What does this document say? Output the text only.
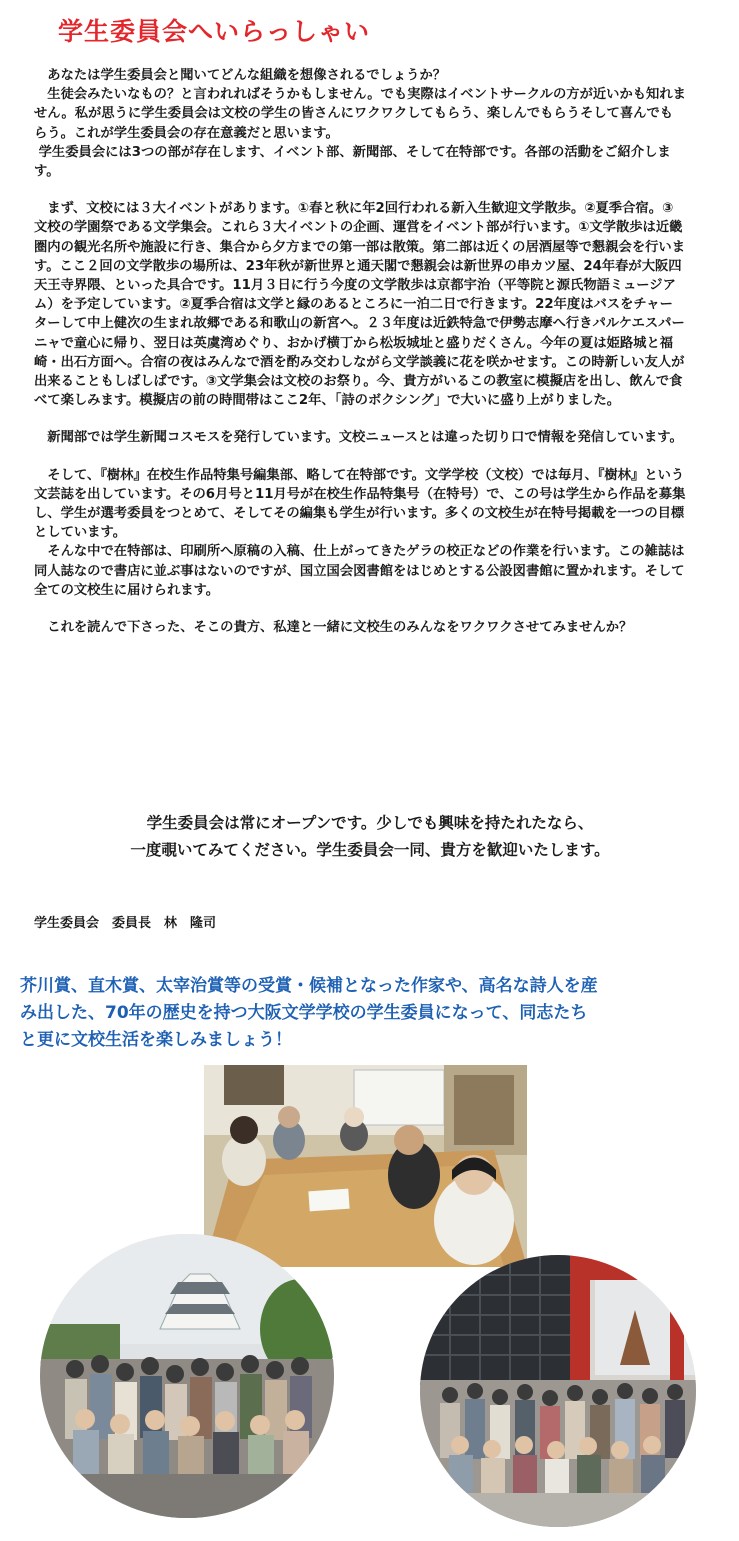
学生委員会へいらっしゃい

　あなたは学生委員会と聞いてどんな組織を想像されるでしょうか？

　生徒会みたいなもの？と言われればそうかもしません。でも実際はイベントサークルの方が近いかも知れません。私が思うに学生委員会は文校の学生の皆さんにワクワクしてもらう、楽しんでもらうそして喜んでもらう。これが学生委員会の存在意義だと思います。

学生委員会には3つの部が存在します、イベント部、新聞部、そして在特部です。各部の活動をご紹介します。

　まず、文校には３大イベントがあります。①春と秋に年2回行われる新入生歓迎文学散歩。②夏季合宿。③文校の学園祭である文学集会。これら３大イベントの企画、運営をイベント部が行います。①文学散歩は近畿圏内の観光名所や施設に行き、集合から夕方までの第一部は散策。第二部は近くの居酒屋等で懇親会を行います。ここ２回の文学散歩の場所は、23年秋が新世界と通天閣で懇親会は新世界の串カツ屋、24年春が大阪四天王寺界隈、といった具合です。11月３日に行う今度の文学散歩は京都宇治（平等院と源氏物語ミュージアム）を予定しています。②夏季合宿は文学と縁のあるところに一泊二日で行きます。22年度はバスをチャーターして中上健次の生まれ故郷である和歌山の新宮へ。２３年度は近鉄特急で伊勢志摩へ行きパルケエスパーニャで童心に帰り、翌日は英虞湾めぐり、おかげ横丁から松坂城址と盛りだくさん。今年の夏は姫路城と福崎・出石方面へ。合宿の夜はみんなで酒を酌み交わしながら文学談義に花を咲かせます。この時新しい友人が出来ることもしばしばです。③文学集会は文校のお祭り。今、貴方がいるこの教室に模擬店を出し、飲んで食べて楽しみます。模擬店の前の時間帯はここ2年、「詩のボクシング」で大いに盛り上がりました。

　新聞部では学生新聞コスモスを発行しています。文校ニュースとは違った切り口で情報を発信しています。

　そして、『樹林』在校生作品特集号編集部、略して在特部です。文学学校（文校）では毎月、『樹林』という文芸誌を出しています。その6月号と11月号が在校生作品特集号（在特号）で、この号は学生から作品を募集し、学生が選考委員をつとめて、そしてその編集も学生が行います。多くの文校生が在特号掲載を一つの目標としています。

　そんな中で在特部は、印刷所へ原稿の入稿、仕上がってきたゲラの校正などの作業を行います。この雑誌は同人誌なので書店に並ぶ事はないのですが、国立国会図書館をはじめとする公設図書館に置かれます。そして全ての文校生に届けられます。

　これを読んで下さった、そこの貴方、私達と一緒に文校生のみんなをワクワクさせてみませんか？

学生委員会は常にオープンです。少しでも興味を持たれたなら、

一度覗いてみてください。学生委員会一同、貴方を歓迎いたします。

学生委員会　委員長　林　隆司

芥川賞、直木賞、太宰治賞等の受賞・候補となった作家や、高名な詩人を産

み出した、70年の歴史を持つ大阪文学学校の学生委員になって、同志たち

と更に文校生活を楽しみましょう！
